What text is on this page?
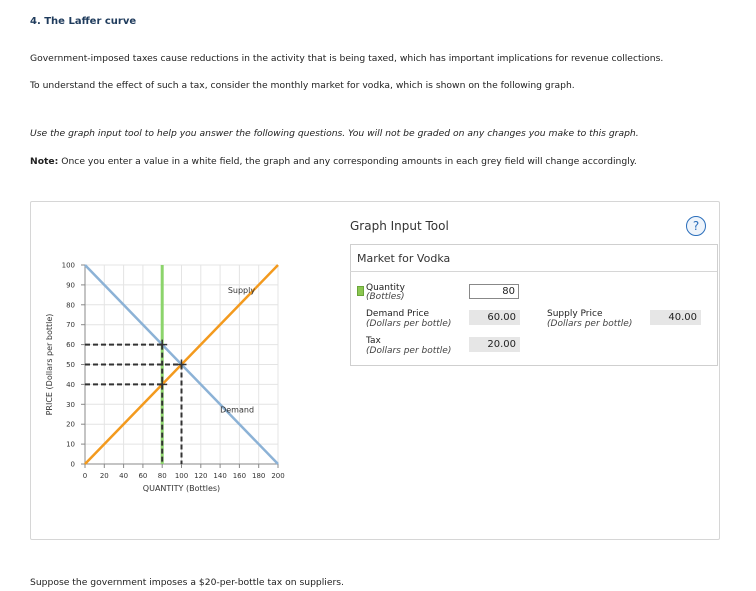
4. The Laffer curve
Government-imposed taxes cause reductions in the activity that is being taxed, which has important implications for revenue collections.
To understand the effect of such a tax, consider the monthly market for vodka, which is shown on the following graph.
Use the graph input tool to help you answer the following questions. You will not be graded on any changes you make to this graph.
Note: Once you enter a value in a white field, the graph and any corresponding amounts in each grey field will change accordingly.
0 20 40 60 80 100 120 140 160 180 200
0
10
20
30
40
50
60
70
80
90
100
QUANTITY (Bottles)
PRICE (Dollars per bottle)
Supply
Demand
Graph Input Tool	?
Market for Vodka
Quantity
(Bottles)
80
Demand Price
(Dollars per bottle)
60.00	Supply Price
(Dollars per bottle)
40.00
Tax
(Dollars per bottle)
20.00
Suppose the government imposes a $20-per-bottle tax on suppliers.
